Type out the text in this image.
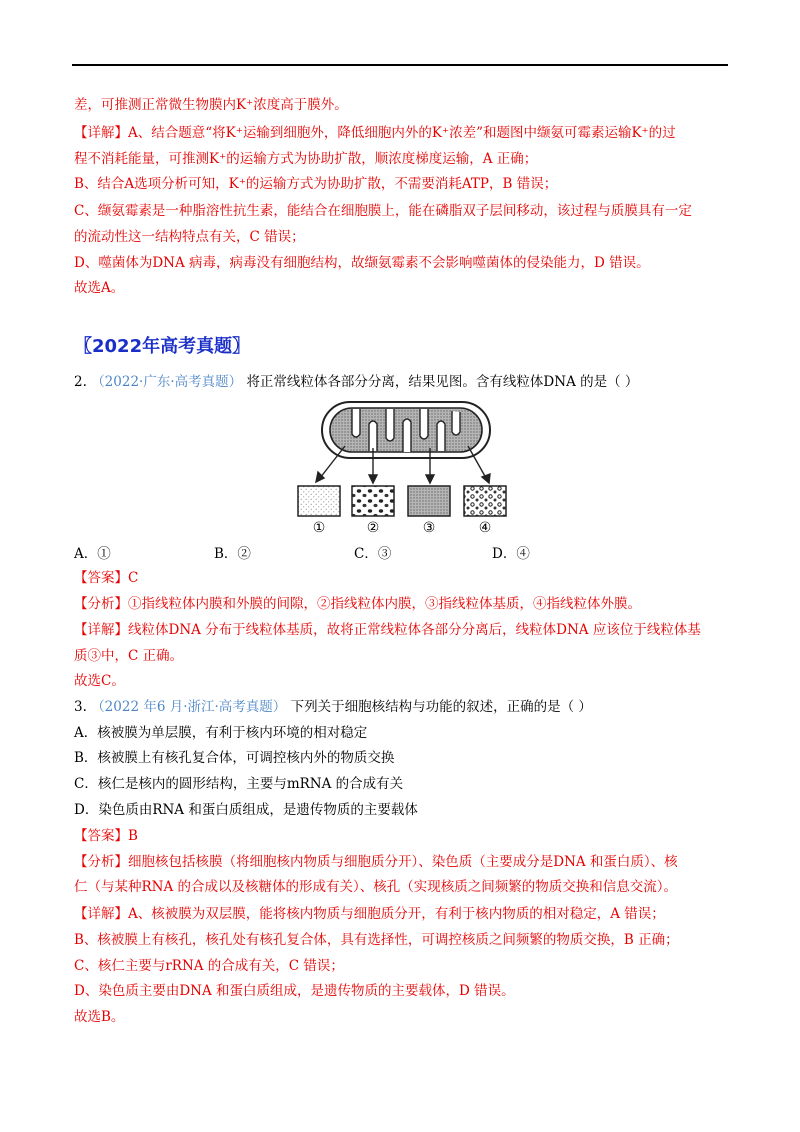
差，可推测正常微生物膜内K⁺浓度高于膜外。
【详解】A、结合题意“将K⁺运输到细胞外，降低细胞内外的K⁺浓差”和题图中缬氨可霉素运输K⁺的过
程不消耗能量，可推测K⁺的运输方式为协助扩散，顺浓度梯度运输，A 正确；
B、结合A选项分析可知，K⁺的运输方式为协助扩散，不需要消耗ATP，B 错误；
C、缬氨霉素是一种脂溶性抗生素，能结合在细胞膜上，能在磷脂双子层间移动，该过程与质膜具有一定
的流动性这一结构特点有关，C 错误；
D、噬菌体为DNA 病毒，病毒没有细胞结构，故缬氨霉素不会影响噬菌体的侵染能力，D 错误。
故选A。
〖2022年高考真题〗
2. （2022·广东·高考真题） 将正常线粒体各部分分离，结果见图。含有线粒体DNA 的是（ ）
①	②	③	④
A．①	B．②	C．③	D．④
【答案】C
【分析】①指线粒体内膜和外膜的间隙，②指线粒体内膜，③指线粒体基质，④指线粒体外膜。
【详解】线粒体DNA 分布于线粒体基质，故将正常线粒体各部分分离后，线粒体DNA 应该位于线粒体基
质③中，C 正确。
故选C。
3. （2022 年6 月·浙江·高考真题） 下列关于细胞核结构与功能的叙述，正确的是（ ）
A．核被膜为单层膜，有利于核内环境的相对稳定
B．核被膜上有核孔复合体，可调控核内外的物质交换
C．核仁是核内的圆形结构，主要与mRNA 的合成有关
D．染色质由RNA 和蛋白质组成，是遗传物质的主要载体
【答案】B
【分析】细胞核包括核膜（将细胞核内物质与细胞质分开）、染色质（主要成分是DNA 和蛋白质）、核
仁（与某种RNA 的合成以及核糖体的形成有关）、核孔（实现核质之间频繁的物质交换和信息交流）。
【详解】A、核被膜为双层膜，能将核内物质与细胞质分开，有利于核内物质的相对稳定，A 错误；
B、核被膜上有核孔，核孔处有核孔复合体，具有选择性，可调控核质之间频繁的物质交换，B 正确；
C、核仁主要与rRNA 的合成有关，C 错误；
D、染色质主要由DNA 和蛋白质组成，是遗传物质的主要载体，D 错误。
故选B。
